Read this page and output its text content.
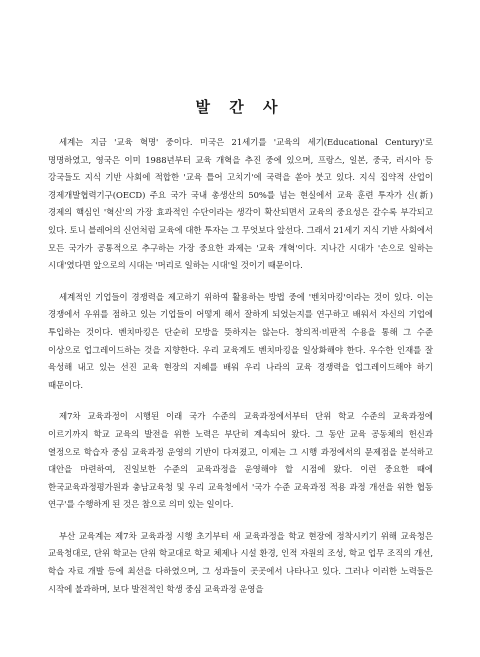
발 간 사

세계는 지금 '교육 혁명' 중이다. 미국은 21세기를 '교육의 세기(Educational Century)'로 명명하였고, 영국은 이미 1988년부터 교육 개혁을 추진 중에 있으며, 프랑스, 일본, 중국, 러시아 등 강국들도 지식 기반 사회에 적합한 '교육 틀어 고치기'에 국력을 쏟아 붓고 있다. 지식 집약적 산업이 경제개발협력기구(OECD) 주요 국가 국내 총생산의 50%를 넘는 현실에서 교육 훈련 투자가 신(新) 경제의 핵심인 '혁신'의 가장 효과적인 수단이라는 생각이 확산되면서 교육의 중요성은 갈수록 부각되고 있다. 토니 블레어의 신언처럼 교육에 대한 투자는 그 무엇보다 앞선다. 그래서 21세기 지식 기반 사회에서 모든 국가가 공통적으로 추구하는 가장 중요한 과제는 '교육 개혁'이다. 지나간 시대가 '손으로 일하는 시대'였다면 앞으로의 시대는 '머리로 일하는 시대'일 것이기 때문이다.

세계적인 기업들이 경쟁력을 제고하기 위하여 활용하는 방법 중에 '벤치마킹'이라는 것이 있다. 이는 경쟁에서 우위를 점하고 있는 기업들이 어떻게 해서 잘하게 되었는지를 연구하고 배워서 자신의 기업에 투입하는 것이다. 벤치마킹은 단순히 모방을 뜻하지는 않는다. 창의적·비판적 수용을 통해 그 수준 이상으로 업그레이드하는 것을 지향한다. 우리 교육계도 벤치마킹을 일상화해야 한다. 우수한 인재를 잘 육성해 내고 있는 선진 교육 현장의 지혜를 배워 우리 나라의 교육 경쟁력을 업그레이드해야 하기 때문이다.

제7차 교육과정이 시행된 이래 국가 수준의 교육과정에서부터 단위 학교 수준의 교육과정에 이르기까지 학교 교육의 발전을 위한 노력은 부단히 계속되어 왔다. 그 동안 교육 공동체의 헌신과 열정으로 학습자 중심 교육과정 운영의 기반이 다져졌고, 이제는 그 시행 과정에서의 문제점을 분석하고 대안을 마련하여, 진일보한 수준의 교육과정을 운영해야 할 시점에 왔다. 이런 중요한 때에 한국교육과정평가원과 충남교육청 및 우리 교육청에서 '국가 수준 교육과정 적용 과정 개선을 위한 협동 연구'를 수행하게 된 것은 참으로 의미 있는 일이다.

부산 교육계는 제7차 교육과정 시행 초기부터 새 교육과정을 학교 현장에 정착시키기 위해 교육청은 교육청대로, 단위 학교는 단위 학교대로 학교 체제나 시설 환경, 인적 자원의 조성, 학교 업무 조직의 개선, 학습 자료 개발 등에 최선을 다하였으며, 그 성과들이 곳곳에서 나타나고 있다. 그러나 이러한 노력들은 시작에 불과하며, 보다 발전적인 학생 중심 교육과정 운영을
